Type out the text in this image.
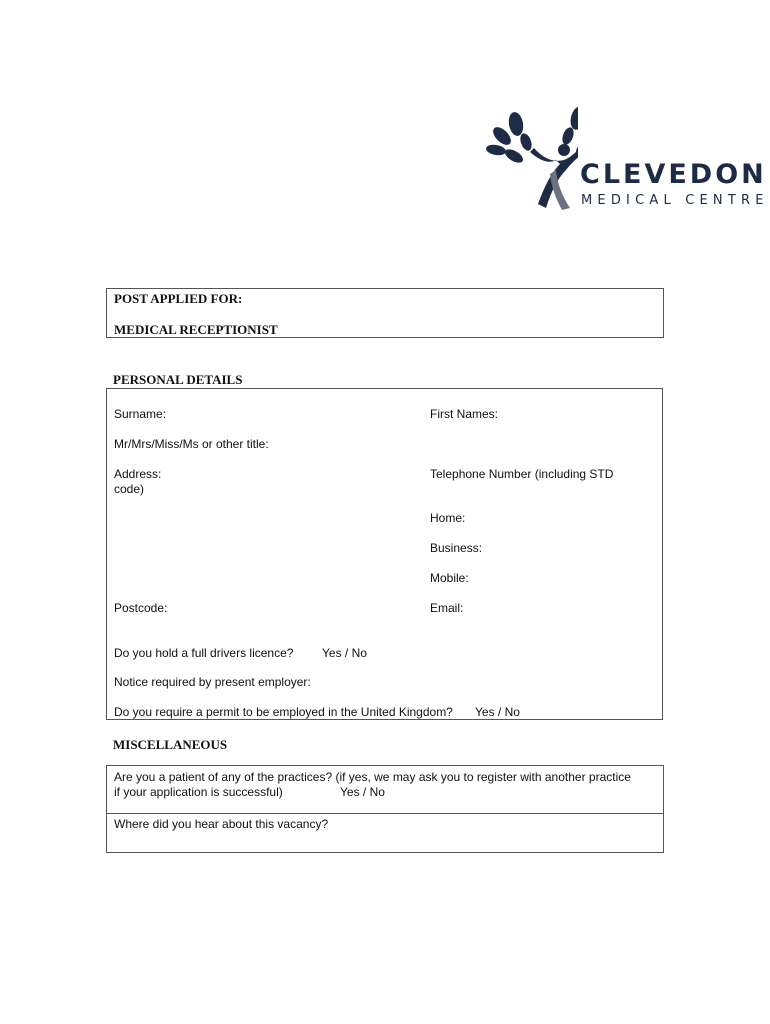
CLEVEDON
MEDICAL CENTRE
POST APPLIED FOR:
MEDICAL RECEPTIONIST
PERSONAL DETAILS
Surname:	First Names:
Mr/Mrs/Miss/Ms or other title:
Address:	Telephone Number (including STD
code)
Home:
Business:
Mobile:
Postcode:	Email:
Do you hold a full drivers licence? Yes / No
Notice required by present employer:
Do you require a permit to be employed in the United Kingdom? Yes / No
MISCELLANEOUS
Are you a patient of any of the practices? (if yes, we may ask you to register with another practice
if your application is successful)	Yes / No
Where did you hear about this vacancy?
